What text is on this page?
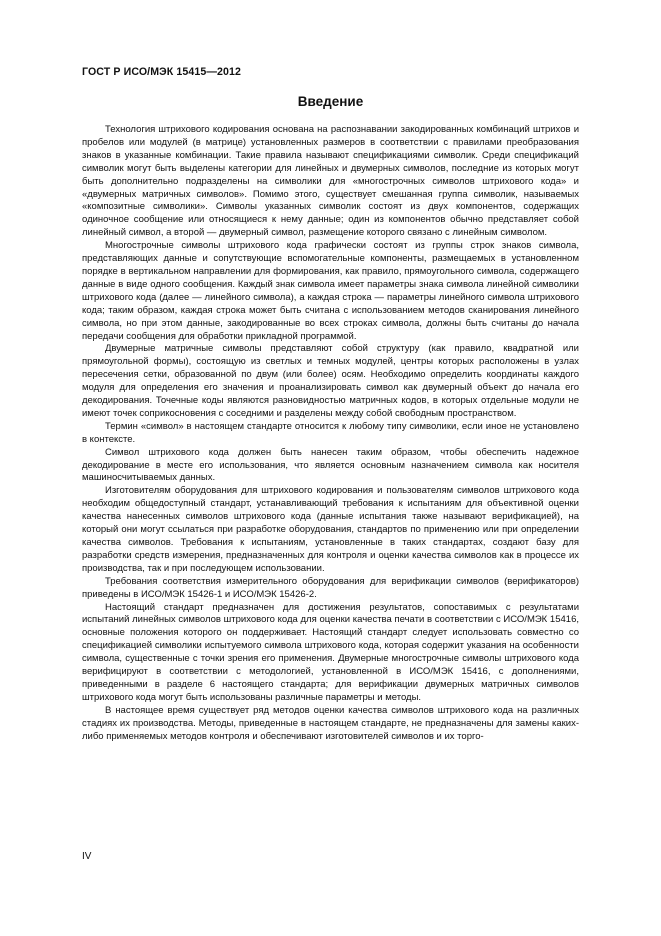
ГОСТ Р ИСО/МЭК 15415—2012
Введение

Технология штрихового кодирования основана на распознавании закодированных комбинаций штрихов и пробелов или модулей (в матрице) установленных размеров в соответствии с правилами преобразования знаков в указанные комбинации. Такие правила называют спецификациями символик. Среди спецификаций символик могут быть выделены категории для линейных и двумерных символов, последние из которых могут быть дополнительно подразделены на символики для «многострочных символов штрихового кода» и «двумерных матричных символов». Помимо этого, существует смешанная группа символик, называемых «композитные символики». Символы указанных символик состоят из двух компонентов, содержащих одиночное сообщение или относящиеся к нему данные; один из компонентов обычно представляет собой линейный символ, а второй — двумерный символ, размещение которого связано с линейным символом.

Многострочные символы штрихового кода графически состоят из группы строк знаков символа, представляющих данные и сопутствующие вспомогательные компоненты, размещаемых в установленном порядке в вертикальном направлении для формирования, как правило, прямоугольного символа, содержащего данные в виде одного сообщения. Каждый знак символа имеет параметры знака символа линейной символики штрихового кода (далее — линейного символа), а каждая строка — параметры линейного символа штрихового кода; таким образом, каждая строка может быть считана с использованием методов сканирования линейного символа, но при этом данные, закодированные во всех строках символа, должны быть считаны до начала передачи сообщения для обработки прикладной программой.

Двумерные матричные символы представляют собой структуру (как правило, квадратной или прямоугольной формы), состоящую из светлых и темных модулей, центры которых расположены в узлах пересечения сетки, образованной по двум (или более) осям. Необходимо определить координаты каждого модуля для определения его значения и проанализировать символ как двумерный объект до начала его декодирования. Точечные коды являются разновидностью матричных кодов, в которых отдельные модули не имеют точек соприкосновения с соседними и разделены между собой свободным пространством.

Термин «символ» в настоящем стандарте относится к любому типу символики, если иное не установлено в контексте.

Символ штрихового кода должен быть нанесен таким образом, чтобы обеспечить надежное декодирование в месте его использования, что является основным назначением символа как носителя машиносчитываемых данных.

Изготовителям оборудования для штрихового кодирования и пользователям символов штрихового кода необходим общедоступный стандарт, устанавливающий требования к испытаниям для объективной оценки качества нанесенных символов штрихового кода (данные испытания также называют верификацией), на который они могут ссылаться при разработке оборудования, стандартов по применению или при определении качества символов. Требования к испытаниям, установленные в таких стандартах, создают базу для разработки средств измерения, предназначенных для контроля и оценки качества символов как в процессе их производства, так и при последующем использовании.

Требования соответствия измерительного оборудования для верификации символов (верификаторов) приведены в ИСО/МЭК 15426-1 и ИСО/МЭК 15426-2.

Настоящий стандарт предназначен для достижения результатов, сопоставимых с результатами испытаний линейных символов штрихового кода для оценки качества печати в соответствии с ИСО/МЭК 15416, основные положения которого он поддерживает. Настоящий стандарт следует использовать совместно со спецификацией символики испытуемого символа штрихового кода, которая содержит указания на особенности символа, существенные с точки зрения его применения. Двумерные многострочные символы штрихового кода верифицируют в соответствии с методологией, установленной в ИСО/МЭК 15416, с дополнениями, приведенными в разделе 6 настоящего стандарта; для верификации двумерных матричных символов штрихового кода могут быть использованы различные параметры и методы.

В настоящее время существует ряд методов оценки качества символов штрихового кода на различных стадиях их производства. Методы, приведенные в настоящем стандарте, не предназначены для замены каких-либо применяемых методов контроля и обеспечивают изготовителей символов и их торго-

IV
